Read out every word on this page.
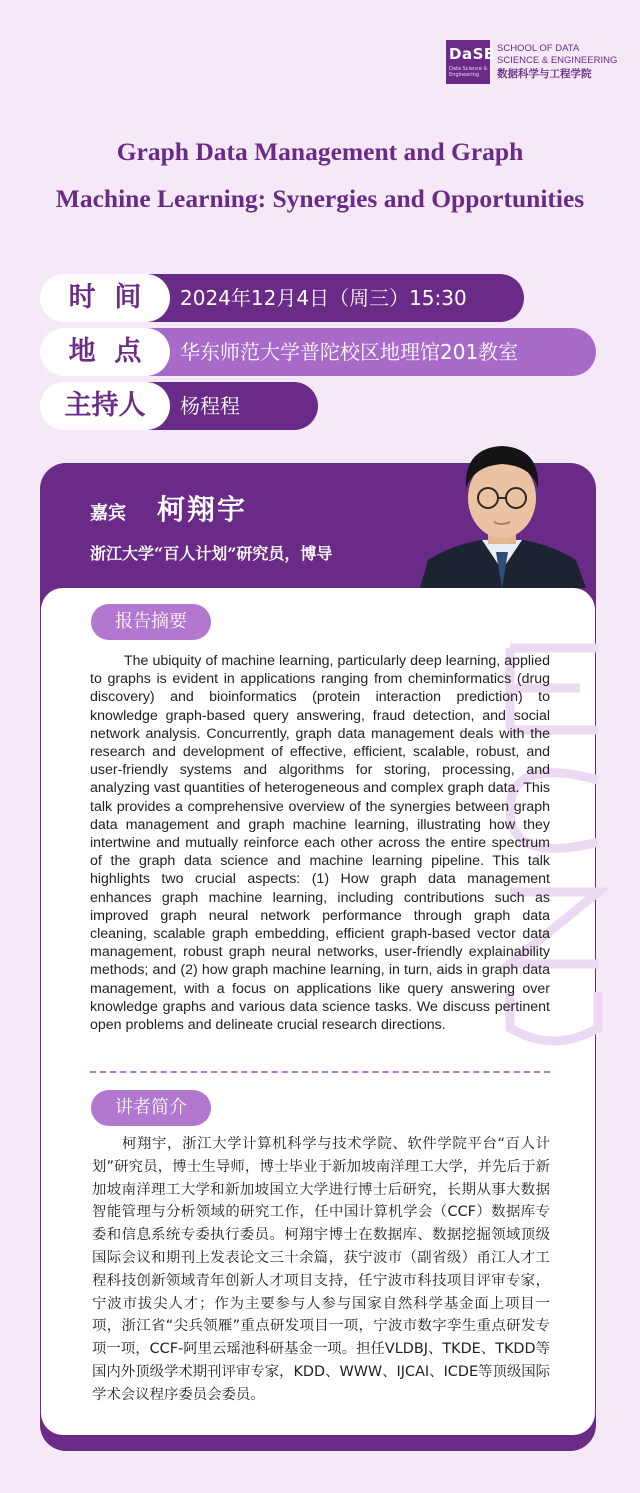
DaSE
Data Science & Engineering
SCHOOL OF DATA
SCIENCE & ENGINEERING
数据科学与工程学院
Graph Data Management and Graph
Machine Learning: Synergies and Opportunities
2024年12月4日（周三）15:30
时  间
华东师范大学普陀校区地理馆201教室
地  点
杨程程
主持人
嘉宾 柯翔宇
浙江大学“百人计划”研究员，博导
报告摘要

The ubiquity of machine learning, particularly deep learning, applied to graphs is evident in applications ranging from cheminformatics (drug discovery) and bioinformatics (protein interaction prediction) to knowledge graph-based query answering, fraud detection, and social network analysis. Concurrently, graph data management deals with the research and development of effective, efficient, scalable, robust, and user-friendly systems and algorithms for storing, processing, and analyzing vast quantities of heterogeneous and complex graph data. This talk provides a comprehensive overview of the synergies between graph data management and graph machine learning, illustrating how they intertwine and mutually reinforce each other across the entire spectrum of the graph data science and machine learning pipeline. This talk highlights two crucial aspects: (1) How graph data management enhances graph machine learning, including contributions such as improved graph neural network performance through graph data cleaning, scalable graph embedding, efficient graph-based vector data management, robust graph neural networks, user-friendly explainability methods; and (2) how graph machine learning, in turn, aids in graph data management, with a focus on applications like query answering over knowledge graphs and various data science tasks. We discuss pertinent open problems and delineate crucial research directions.

讲者简介

柯翔宇，浙江大学计算机科学与技术学院、软件学院平台“百人计划”研究员，博士生导师，博士毕业于新加坡南洋理工大学，并先后于新加坡南洋理工大学和新加坡国立大学进行博士后研究，长期从事大数据智能管理与分析领域的研究工作，任中国计算机学会（CCF）数据库专委和信息系统专委执行委员。柯翔宇博士在数据库、数据挖掘领域顶级国际会议和期刊上发表论文三十余篇，获宁波市（副省级）甬江人才工程科技创新领域青年创新人才项目支持，任宁波市科技项目评审专家，宁波市拔尖人才；作为主要参与人参与国家自然科学基金面上项目一项，浙江省“尖兵领雁”重点研发项目一项，宁波市数字孪生重点研发专项一项，CCF-阿里云瑶池科研基金一项。担任VLDBJ、TKDE、TKDD等国内外顶级学术期刊评审专家，KDD、WWW、IJCAI、ICDE等顶级国际学术会议程序委员会委员。
